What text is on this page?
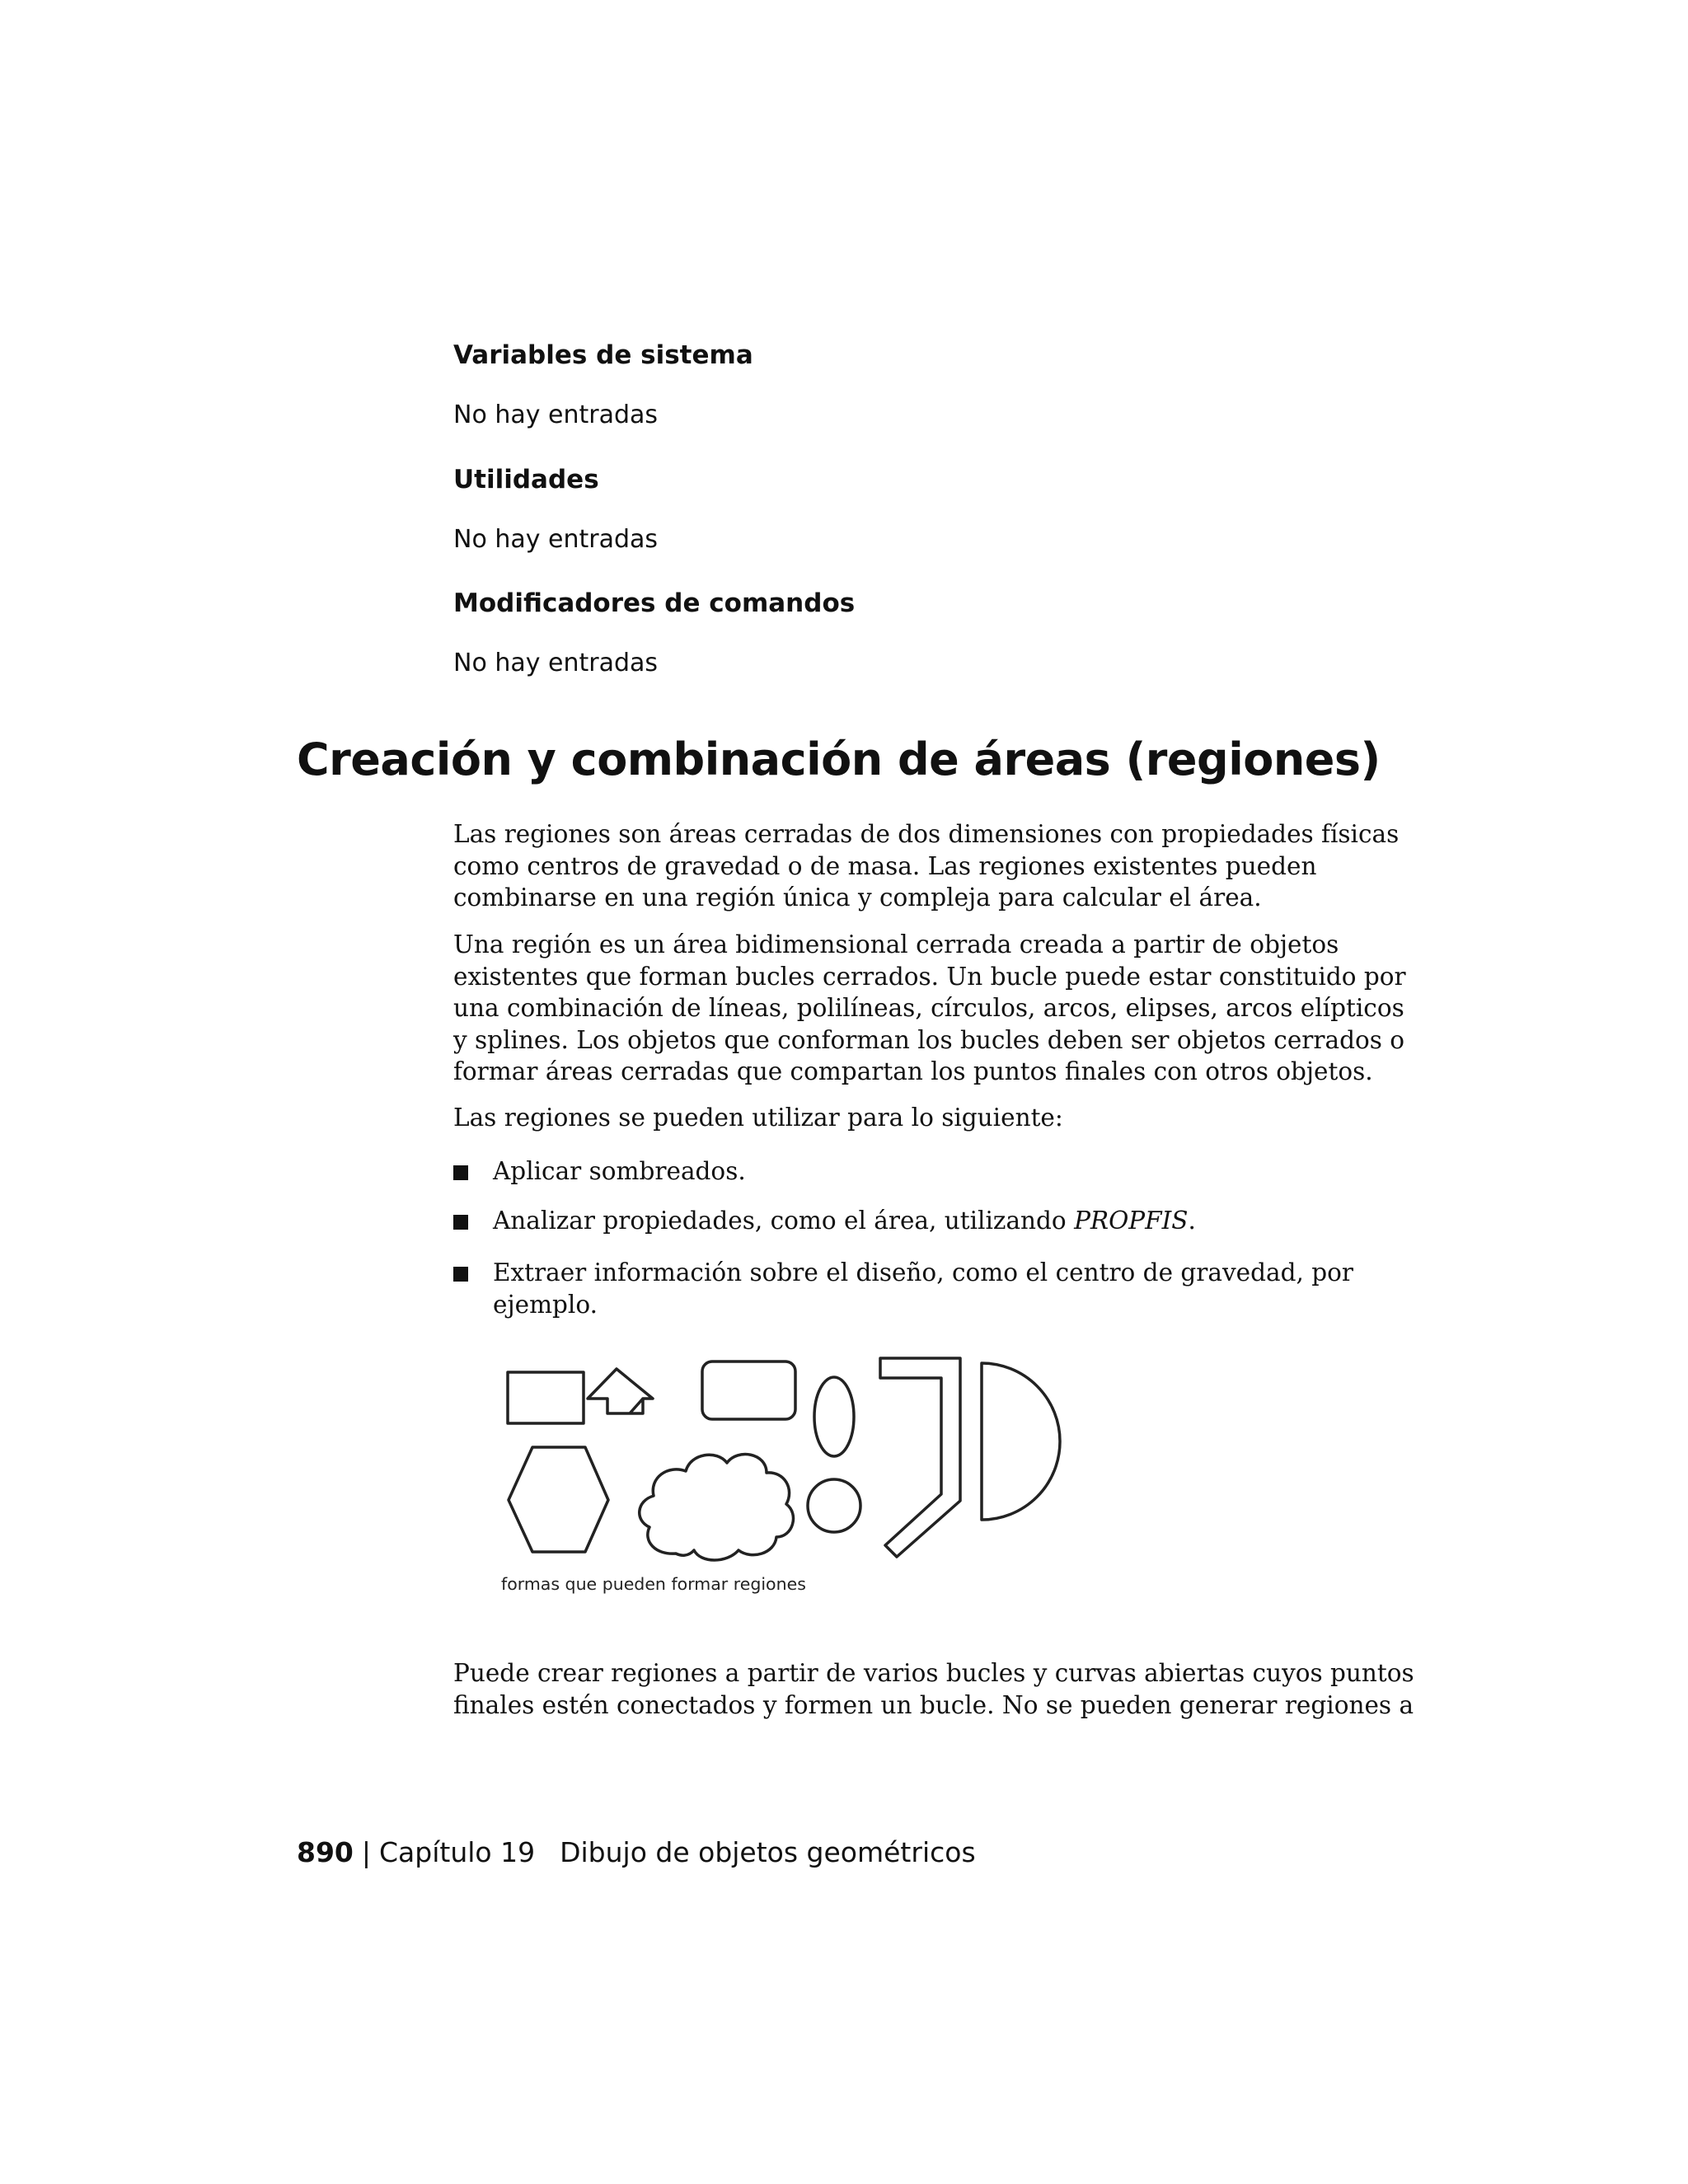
Variables de sistema
No hay entradas
Utilidades
No hay entradas
Modificadores de comandos
No hay entradas
Creación y combinación de áreas (regiones)

Las regiones son áreas cerradas de dos dimensiones con propiedades físicas
como centros de gravedad o de masa. Las regiones existentes pueden
combinarse en una región única y compleja para calcular el área.

Una región es un área bidimensional cerrada creada a partir de objetos
existentes que forman bucles cerrados. Un bucle puede estar constituido por
una combinación de líneas, polilíneas, círculos, arcos, elipses, arcos elípticos
y splines. Los objetos que conforman los bucles deben ser objetos cerrados o
formar áreas cerradas que compartan los puntos finales con otros objetos.

Las regiones se pueden utilizar para lo siguiente:

Aplicar sombreados.
Analizar propiedades, como el área, utilizando PROPFIS.
Extraer información sobre el diseño, como el centro de gravedad, por
ejemplo.
formas que pueden formar regiones

Puede crear regiones a partir de varios bucles y curvas abiertas cuyos puntos
finales estén conectados y formen un bucle. No se pueden generar regiones a

890 | Capítulo 19 Dibujo de objetos geométricos
